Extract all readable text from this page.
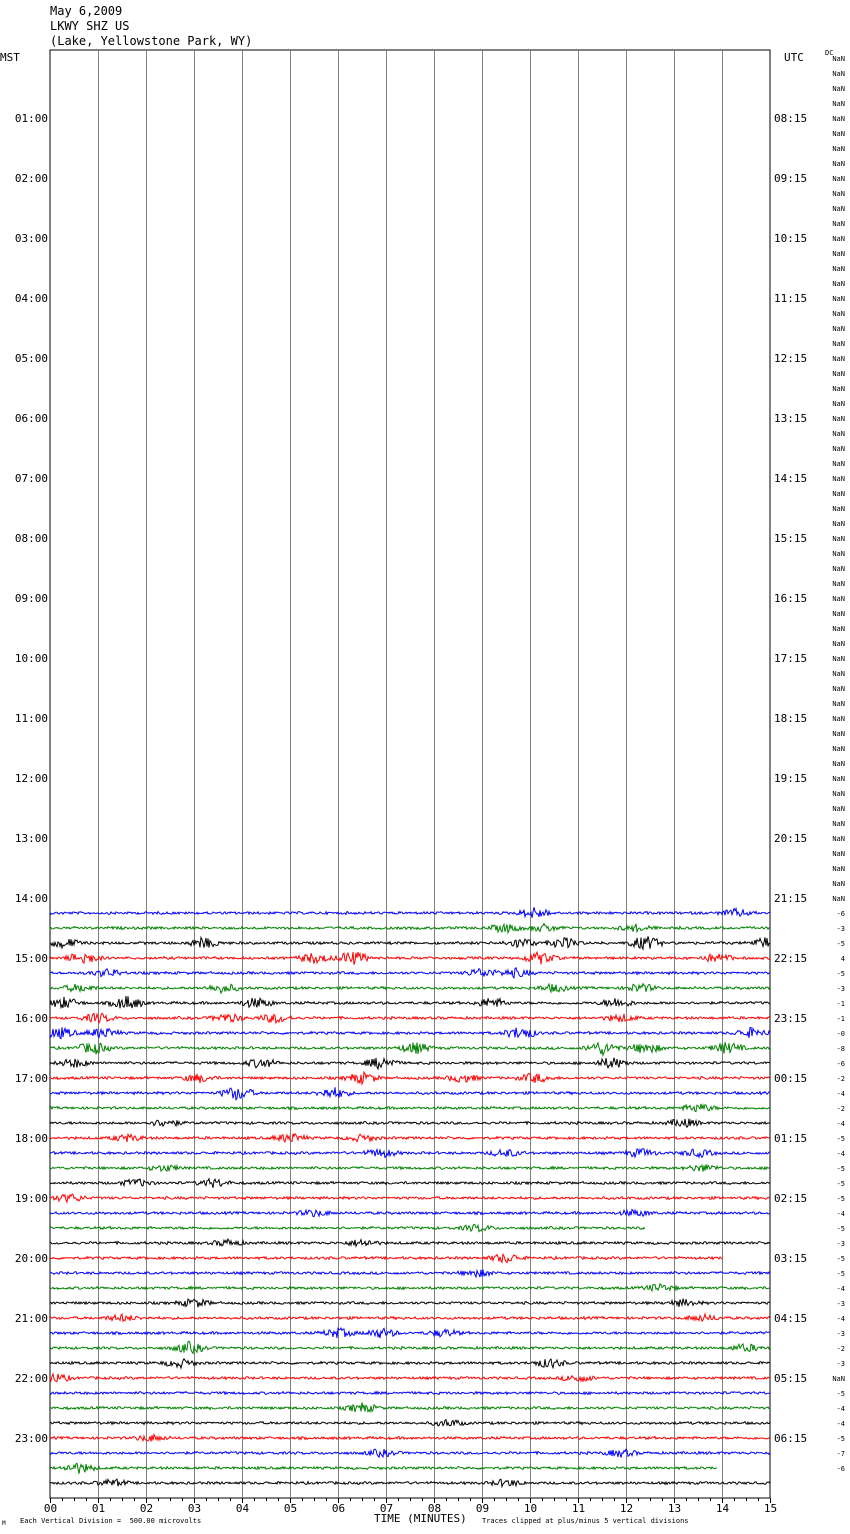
May 6,2009
LKWY SHZ US
(Lake, Yellowstone Park, WY)
MST	UTC	DC
00	01	02	03	04	05	06	07	08	09	10	11	12	13	14	15
01:00
02:00
03:00
04:00
05:00
06:00
07:00
08:00
09:00
10:00
11:00
12:00
13:00
14:00
15:00
16:00
17:00
18:00
19:00
20:00
21:00
22:00
23:00
08:15
09:15
10:15
11:15
12:15
13:15
14:15
15:15
16:15
17:15
18:15
19:15
20:15
21:15
22:15
23:15
00:15
01:15
02:15
03:15
04:15
05:15
06:15
NaN
NaN
NaN
NaN
NaN
NaN
NaN
NaN
NaN
NaN
NaN
NaN
NaN
NaN
NaN
NaN
NaN
NaN
NaN
NaN
NaN
NaN
NaN
NaN
NaN
NaN
NaN
NaN
NaN
NaN
NaN
NaN
NaN
NaN
NaN
NaN
NaN
NaN
NaN
NaN
NaN
NaN
NaN
NaN
NaN
NaN
NaN
NaN
NaN
NaN
NaN
NaN
NaN
NaN
NaN
NaN
NaN
-6
-3
-5
4
-5
-3
-1
-1
-0
-8
-6
-2
-4
-2
-4
-5
-4
-5
-5
-5
-4
-5
-3
-5
-5
-4
-3
-4
-3
-2
-3
NaN
-5
-4
-4
-5
-7
-6
TIME (MINUTES)
Each Vertical Division =  500.00 microvolts	Traces clipped at plus/minus 5 vertical divisions
M
